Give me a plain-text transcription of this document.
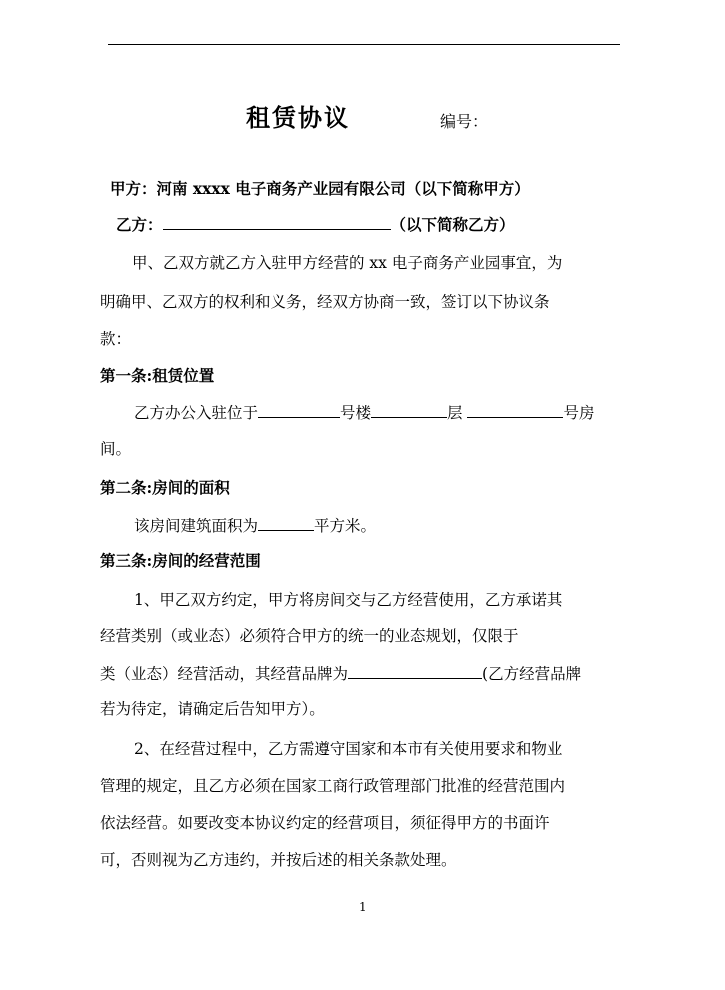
租赁协议	编号：
甲方：河南 xxxx 电子商务产业园有限公司（以下简称甲方）
乙方：	（以下简称乙方）
甲、乙双方就乙方入驻甲方经营的 xx 电子商务产业园事宜，为
明确甲、乙双方的权利和义务，经双方协商一致，签订以下协议条
款：
第一条:租赁位置
乙方办公入驻位于	号楼	层	号房
间。
第二条:房间的面积
该房间建筑面积为	平方米。
第三条:房间的经营范围
1、甲乙双方约定，甲方将房间交与乙方经营使用，乙方承诺其
经营类别（或业态）必须符合甲方的统一的业态规划，仅限于
类（业态）经营活动，其经营品牌为	(乙方经营品牌
若为待定，请确定后告知甲方）。
2、在经营过程中，乙方需遵守国家和本市有关使用要求和物业
管理的规定，且乙方必须在国家工商行政管理部门批准的经营范围内
依法经营。如要改变本协议约定的经营项目，须征得甲方的书面许
可，否则视为乙方违约，并按后述的相关条款处理。
1
